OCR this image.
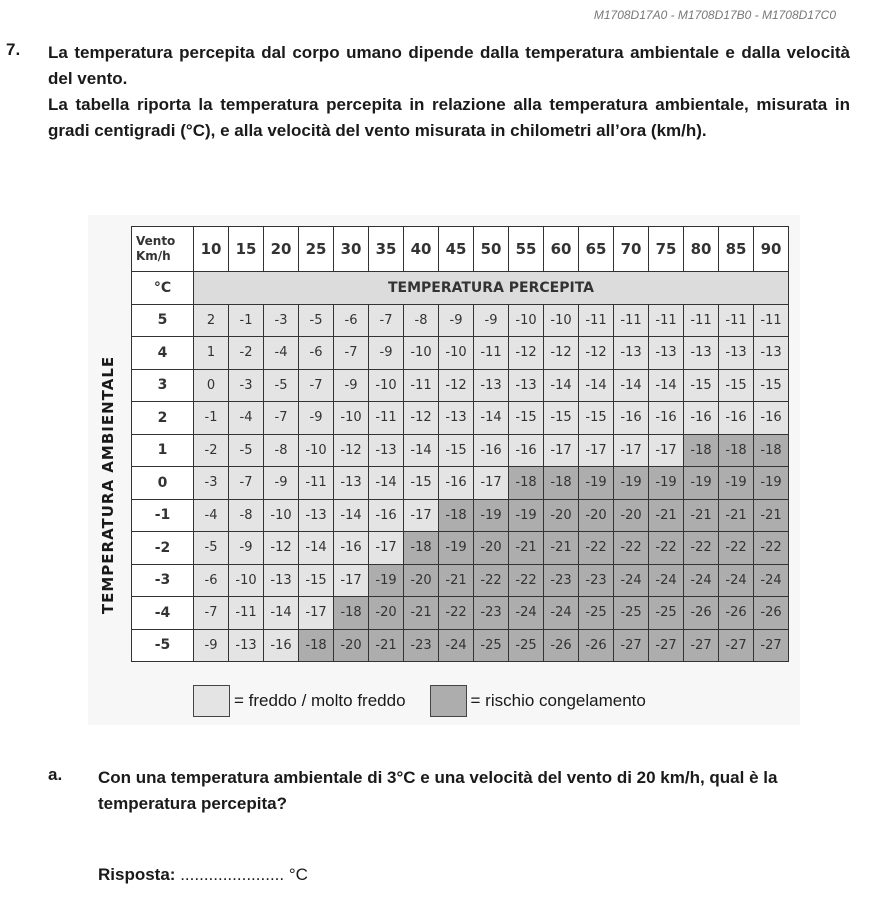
M1708D17A0 - M1708D17B0 - M1708D17C0
7. La temperatura percepita dal corpo umano dipende dalla temperatura ambientale e dalla velocità del vento.

La tabella riporta la temperatura percepita in relazione alla temperatura ambientale, misurata in gradi centigradi (°C), e alla velocità del vento misurata in chilometri all’ora (km/h).

TEMPERATURA AMBIENTALE
Vento
Km/h	10	15	20	25	30	35	40	45	50	55	60	65	70	75	80	85	90
°C	TEMPERATURA PERCEPITA																
5	2	-1	-3	-5	-6	-7	-8	-9	-9	-10	-10	-11	-11	-11	-11	-11	-11
4	1	-2	-4	-6	-7	-9	-10	-10	-11	-12	-12	-12	-13	-13	-13	-13	-13
3	0	-3	-5	-7	-9	-10	-11	-12	-13	-13	-14	-14	-14	-14	-15	-15	-15
2	-1	-4	-7	-9	-10	-11	-12	-13	-14	-15	-15	-15	-16	-16	-16	-16	-16
1	-2	-5	-8	-10	-12	-13	-14	-15	-16	-16	-17	-17	-17	-17	-18	-18	-18
0	-3	-7	-9	-11	-13	-14	-15	-16	-17	-18	-18	-19	-19	-19	-19	-19	-19
-1	-4	-8	-10	-13	-14	-16	-17	-18	-19	-19	-20	-20	-20	-21	-21	-21	-21
-2	-5	-9	-12	-14	-16	-17	-18	-19	-20	-21	-21	-22	-22	-22	-22	-22	-22
-3	-6	-10	-13	-15	-17	-19	-20	-21	-22	-22	-23	-23	-24	-24	-24	-24	-24
-4	-7	-11	-14	-17	-18	-20	-21	-22	-23	-24	-24	-25	-25	-25	-26	-26	-26
-5	-9	-13	-16	-18	-20	-21	-23	-24	-25	-25	-26	-26	-27	-27	-27	-27	-27
= freddo / molto freddo	= rischio congelamento
a. Con una temperatura ambientale di 3°C e una velocità del vento di 20 km/h, qual è la temperatura percepita?
Risposta: ...................... °C
